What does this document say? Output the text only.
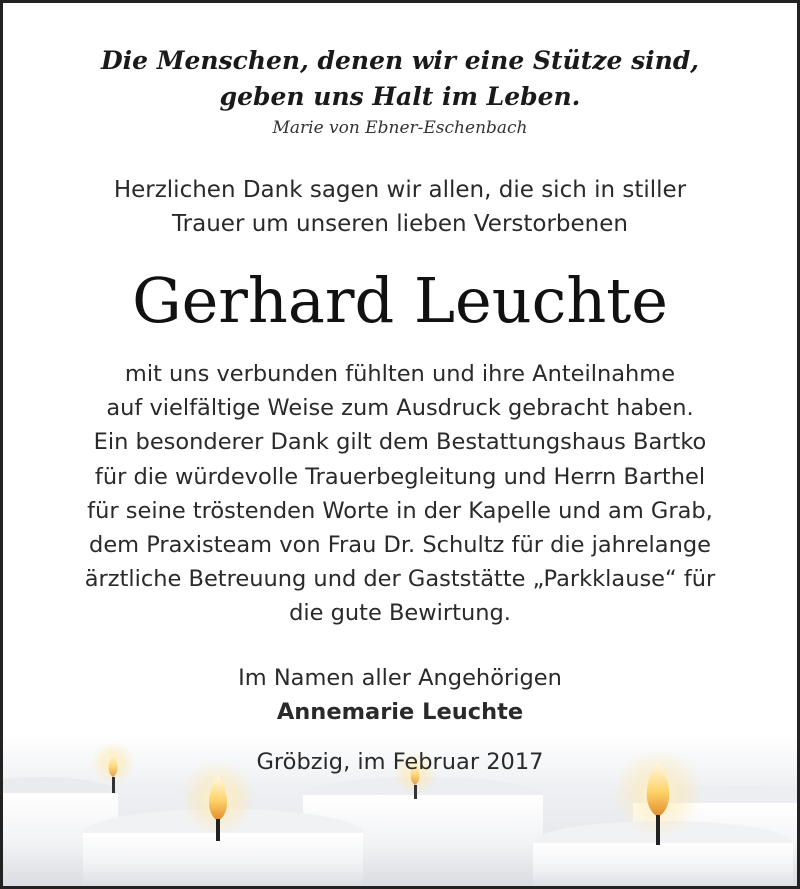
Die Menschen, denen wir eine Stütze sind,
geben uns Halt im Leben.
Marie von Ebner-Eschenbach
Herzlichen Dank sagen wir allen, die sich in stiller
Trauer um unseren lieben Verstorbenen
Gerhard Leuchte
mit uns verbunden fühlten und ihre Anteilnahme
auf vielfältige Weise zum Ausdruck gebracht haben.
Ein besonderer Dank gilt dem Bestattungshaus Bartko
für die würdevolle Trauerbegleitung und Herrn Barthel
für seine tröstenden Worte in der Kapelle und am Grab,
dem Praxisteam von Frau Dr. Schultz für die jahrelange
ärztliche Betreuung und der Gaststätte „Parkklause“ für
die gute Bewirtung.
Im Namen aller Angehörigen
Annemarie Leuchte
Gröbzig, im Februar 2017
